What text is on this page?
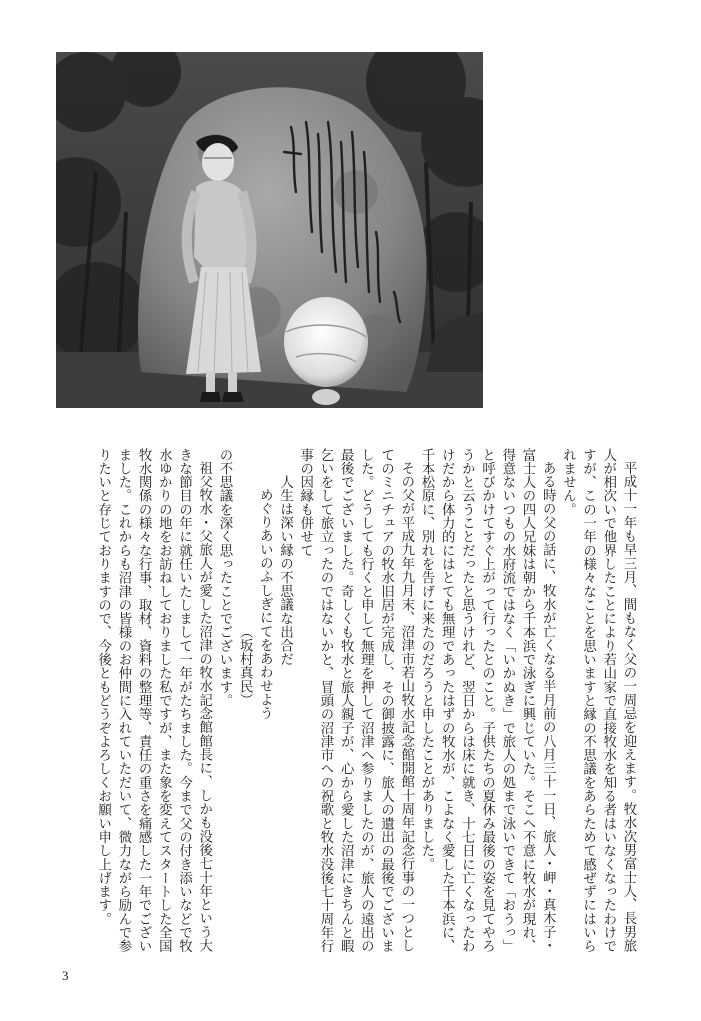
平成十一年も早三月、間もなく父の一周忌を迎えます。牧水次男富士人、長男旅人が相次いで他界したことにより若山家で直接牧水を知る者はいなくなったわけですが、この一年の様々なことを思いますと縁の不思議をあらためて感ぜずにはいられません。

ある時の父の話に、牧水が亡くなる半月前の八月三十一日、旅人・岬・真木子・富士人の四人兄妹は朝から千本浜で泳ぎに興じていた。そこへ不意に牧水が現れ、得意ないつもの水府流ではなく「いかぬき」で旅人の処まで泳いできて「おうっ」と呼びかけてすぐ上がって行ったとのこと。子供たちの夏休み最後の姿を見てやろうかと云うことだったと思うけれど、翌日からは床に就き、十七日に亡くなったわけだから体力的にはとても無理であったはずの牧水が、こよなく愛した千本浜に、千本松原に、別れを告げに来たのだろうと申したことがありました。

その父が平成九年九月末、沼津市若山牧水記念館開館十周年記念行事の一つとしてのミニチュアの牧水旧居が完成し、その御披露に、旅人の遺出の最後でございました。どうしても行くと申して無理を押して沼津へ参りましたのが、旅人の遠出の最後でございました。奇しくも牧水と旅人親子が、心から愛した沼津にきちんと暇乞いをして旅立ったのではないかと、冒頭の沼津市への祝歌と牧水没後七十周年行事の因縁も併せて

人生は深い縁の不思議な出合だ

めぐりあいのふしぎにてをあわせよう

（坂村真民）

の不思議を深く思ったことでございます。

祖父牧水・父旅人が愛した沼津の牧水記念館館長に、しかも没後七十年という大きな節目の年に就任いたしまして一年がたちました。今まで父の付き添いなどで牧水ゆかりの地をお訪ねしておりました私ですが、また象を変えてスタートした全国牧水関係の様々な行事、取材、資料の整理等、責任の重さを痛感した一年でございました。これからも沼津の皆様のお仲間に入れていただいて、微力ながら励んで参りたいと存じておりますので、今後ともどうぞよろしくお願い申し上げます。

3
